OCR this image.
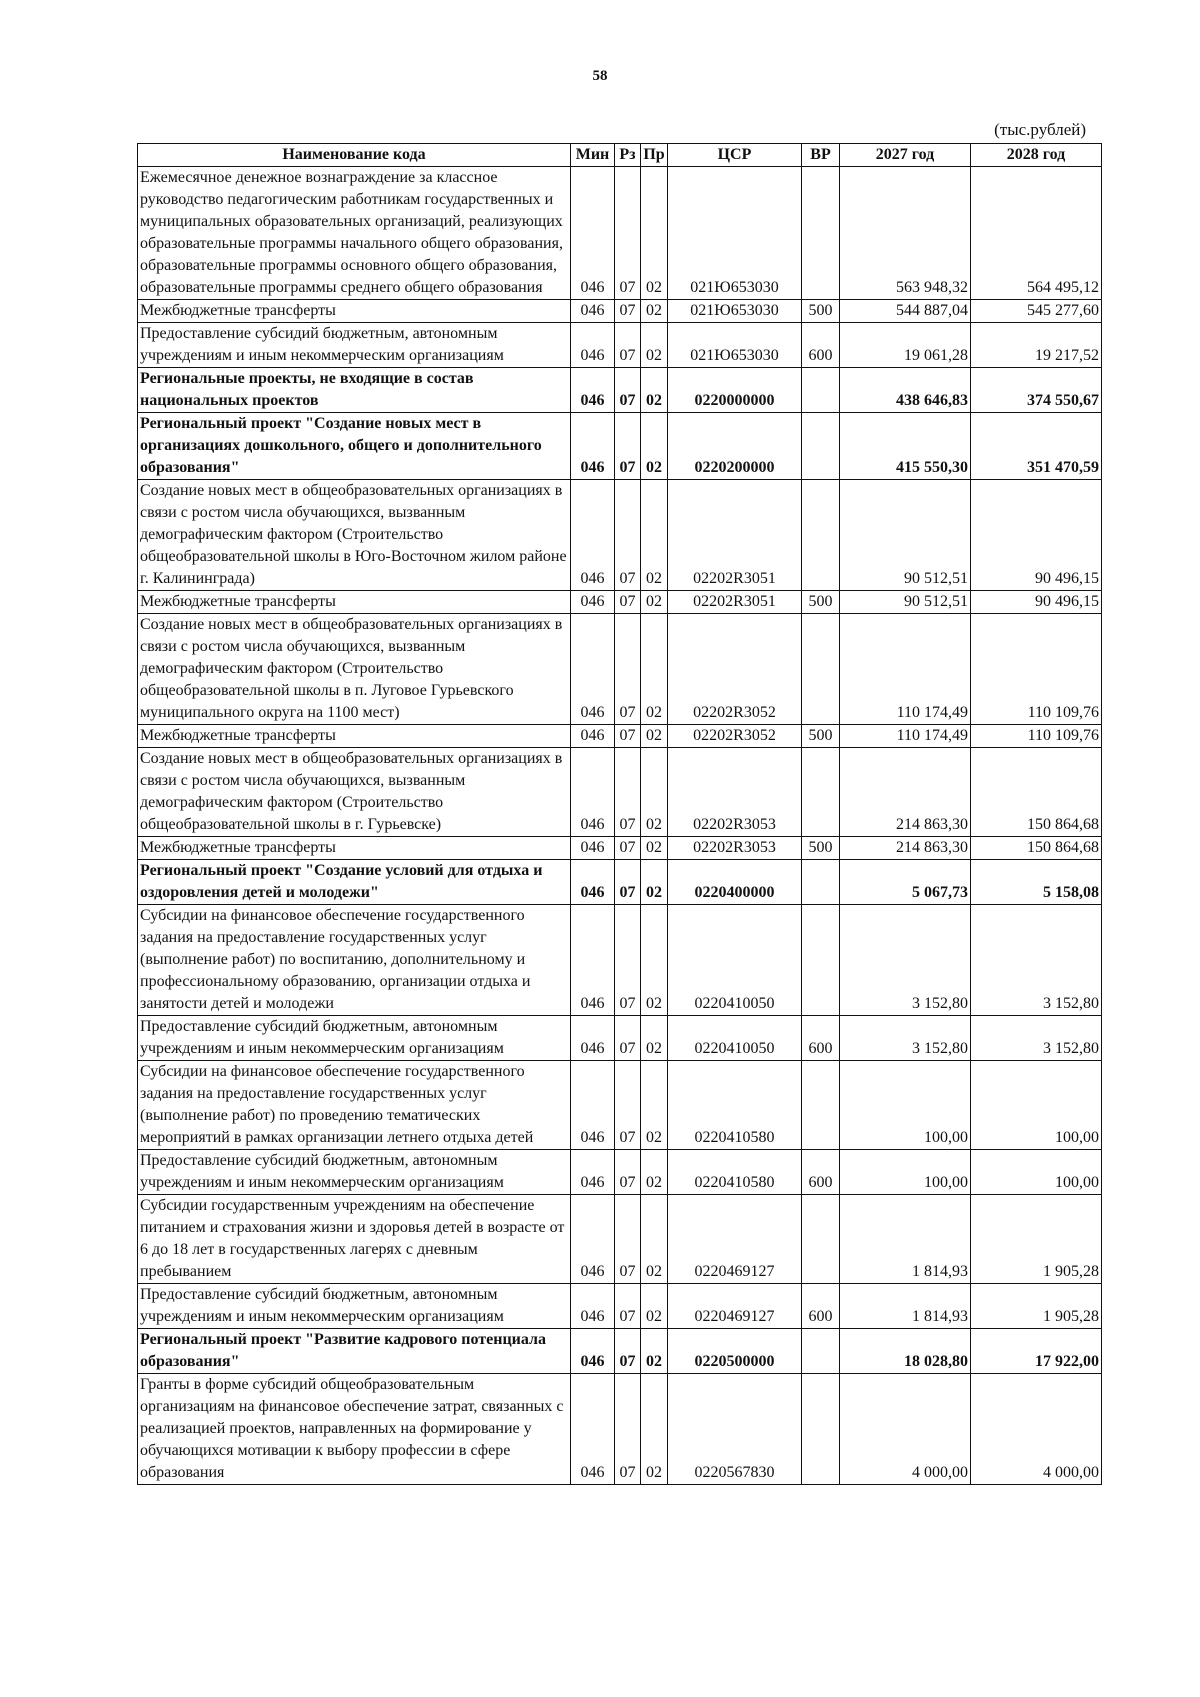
58
(тыс.рублей)
Наименование кода	Мин	Рз	Пр	ЦСР	ВР	2027 год	2028 год
Ежемесячное денежное вознаграждение за классное руководство педагогическим работникам государственных и муниципальных образовательных организаций, реализующих образовательные программы начального общего образования, образовательные программы основного общего образования, образовательные программы среднего общего образования	046	07	02	021Ю653030		563 948,32	564 495,12
Межбюджетные трансферты	046	07	02	021Ю653030	500	544 887,04	545 277,60
Предоставление субсидий бюджетным, автономным учреждениям и иным некоммерческим организациям	046	07	02	021Ю653030	600	19 061,28	19 217,52
Региональные проекты, не входящие в состав национальных проектов	046	07	02	0220000000		438 646,83	374 550,67
Региональный проект "Создание новых мест в организациях дошкольного, общего и дополнительного образования"	046	07	02	0220200000		415 550,30	351 470,59
Создание новых мест в общеобразовательных организациях в связи с ростом числа обучающихся, вызванным демографическим фактором (Строительство общеобразовательной школы в Юго-Восточном жилом районе г. Калининграда)	046	07	02	02202R3051		90 512,51	90 496,15
Межбюджетные трансферты	046	07	02	02202R3051	500	90 512,51	90 496,15
Создание новых мест в общеобразовательных организациях в связи с ростом числа обучающихся, вызванным демографическим фактором (Строительство общеобразовательной школы в п. Луговое Гурьевского муниципального округа на 1100 мест)	046	07	02	02202R3052		110 174,49	110 109,76
Межбюджетные трансферты	046	07	02	02202R3052	500	110 174,49	110 109,76
Создание новых мест в общеобразовательных организациях в связи с ростом числа обучающихся, вызванным демографическим фактором (Строительство общеобразовательной школы в г. Гурьевске)	046	07	02	02202R3053		214 863,30	150 864,68
Межбюджетные трансферты	046	07	02	02202R3053	500	214 863,30	150 864,68
Региональный проект "Создание условий для отдыха и оздоровления детей и молодежи"	046	07	02	0220400000		5 067,73	5 158,08
Субсидии на финансовое обеспечение государственного задания на предоставление государственных услуг (выполнение работ) по воспитанию, дополнительному и профессиональному образованию, организации отдыха и занятости детей и молодежи	046	07	02	0220410050		3 152,80	3 152,80
Предоставление субсидий бюджетным, автономным учреждениям и иным некоммерческим организациям	046	07	02	0220410050	600	3 152,80	3 152,80
Субсидии на финансовое обеспечение государственного задания на предоставление государственных услуг (выполнение работ) по проведению тематических мероприятий в рамках организации летнего отдыха детей	046	07	02	0220410580		100,00	100,00
Предоставление субсидий бюджетным, автономным учреждениям и иным некоммерческим организациям	046	07	02	0220410580	600	100,00	100,00
Субсидии государственным учреждениям на обеспечение питанием и страхования жизни и здоровья детей в возрасте от 6 до 18 лет в государственных лагерях с дневным пребыванием	046	07	02	0220469127		1 814,93	1 905,28
Предоставление субсидий бюджетным, автономным учреждениям и иным некоммерческим организациям	046	07	02	0220469127	600	1 814,93	1 905,28
Региональный проект "Развитие кадрового потенциала образования"	046	07	02	0220500000		18 028,80	17 922,00
Гранты в форме субсидий общеобразовательным организациям на финансовое обеспечение затрат, связанных с реализацией проектов, направленных на формирование у обучающихся мотивации к выбору профессии в сфере образования	046	07	02	0220567830		4 000,00	4 000,00
